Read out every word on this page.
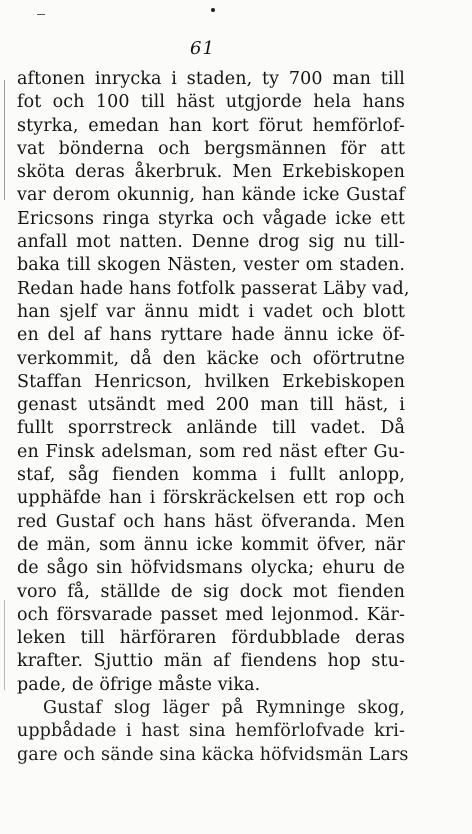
61
aftonen inrycka i staden, ty 700 man till
fot och 100 till häst utgjorde hela hans
styrka, emedan han kort förut hemförlof-
vat bönderna och bergsmännen för att
sköta deras åkerbruk. Men Erkebiskopen
var derom okunnig, han kände icke Gustaf
Ericsons ringa styrka och vågade icke ett
anfall mot natten. Denne drog sig nu till-
baka till skogen Nästen, vester om staden.
Redan hade hans fotfolk passerat Läby vad,
han sjelf var ännu midt i vadet och blott
en del af hans ryttare hade ännu icke öf-
verkommit, då den käcke och oförtrutne
Staffan Henricson, hvilken Erkebiskopen
genast utsändt med 200 man till häst, i
fullt sporrstreck anlände till vadet. Då
en Finsk adelsman, som red näst efter Gu-
staf, såg fienden komma i fullt anlopp,
upphäfde han i förskräckelsen ett rop och
red Gustaf och hans häst öfveranda. Men
de män, som ännu icke kommit öfver, när
de sågo sin höfvidsmans olycka; ehuru de
voro få, ställde de sig dock mot fienden
och försvarade passet med lejonmod. Kär-
leken till härföraren fördubblade deras
krafter. Sjuttio män af fiendens hop stu-
pade, de öfrige måste vika.
Gustaf slog läger på Rymninge skog,
uppbådade i hast sina hemförlofvade kri-
gare och sände sina käcka höfvidsmän Lars
